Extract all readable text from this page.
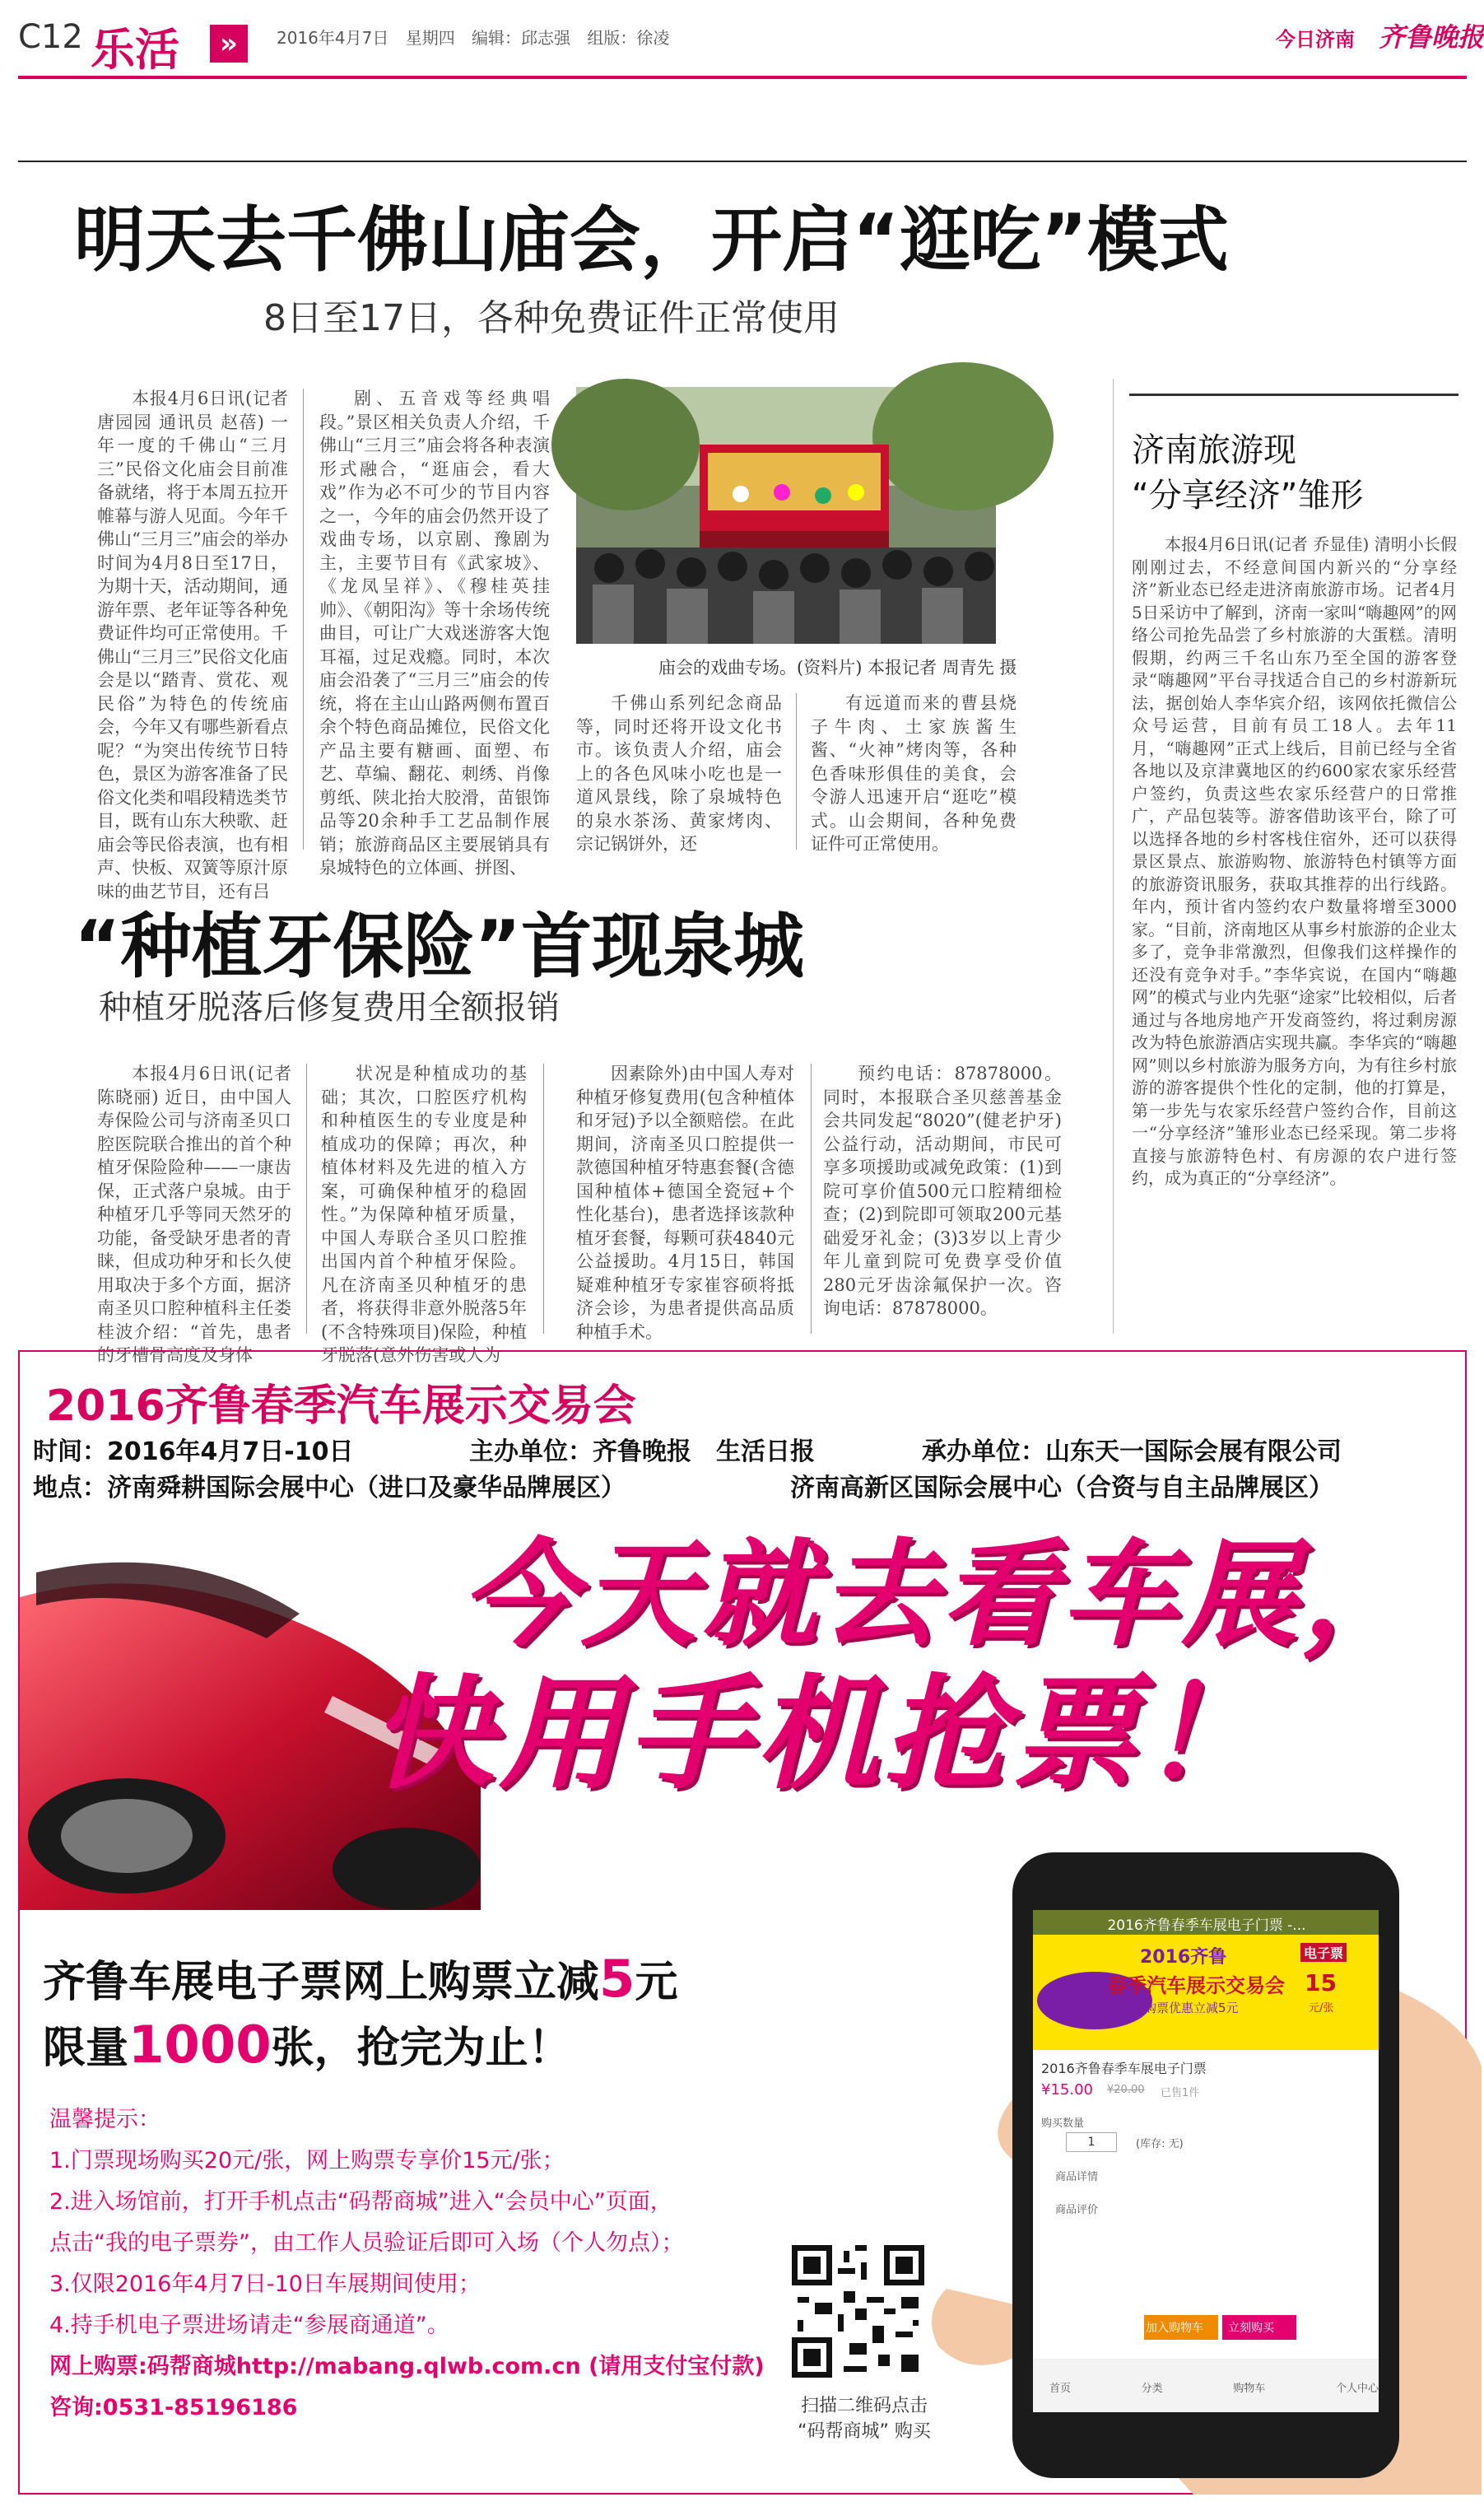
C12 乐活	»	2016年4月7日 星期四 编辑：邱志强 组版：徐凌	今日济南 齐鲁晚报
明天去千佛山庙会，开启“逛吃”模式
8日至17日，各种免费证件正常使用

本报4月6日讯(记者 唐园园 通讯员 赵蓓) 一年一度的千佛山“三月三”民俗文化庙会目前准备就绪，将于本周五拉开帷幕与游人见面。今年千佛山“三月三”庙会的举办时间为4月8日至17日，为期十天，活动期间，通游年票、老年证等各种免费证件均可正常使用。千佛山“三月三”民俗文化庙会是以“踏青、赏花、观民俗”为特色的传统庙会，今年又有哪些新看点呢？“为突出传统节日特色，景区为游客准备了民俗文化类和唱段精选类节目，既有山东大秧歌、赶庙会等民俗表演，也有相声、快板、双簧等原汁原味的曲艺节目，还有吕

剧、五音戏等经典唱段。”景区相关负责人介绍，千佛山“三月三”庙会将各种表演形式融合，“逛庙会，看大戏”作为必不可少的节目内容之一，今年的庙会仍然开设了戏曲专场，以京剧、豫剧为主，主要节目有《武家坡》、《龙凤呈祥》、《穆桂英挂帅》、《朝阳沟》等十余场传统曲目，可让广大戏迷游客大饱耳福，过足戏瘾。同时，本次庙会沿袭了“三月三”庙会的传统，将在主山山路两侧布置百余个特色商品摊位，民俗文化产品主要有糖画、面塑、布艺、草编、翻花、刺绣、肖像剪纸、陕北抬大胶滑，苗银饰品等20余种手工艺品制作展销；旅游商品区主要展销具有泉城特色的立体画、拼图、

庙会的戏曲专场。(资料片) 本报记者 周青先 摄

千佛山系列纪念商品等，同时还将开设文化书市。该负责人介绍，庙会上的各色风味小吃也是一道风景线，除了泉城特色的泉水茶汤、黄家烤肉、宗记锅饼外，还

有远道而来的曹县烧子牛肉、土家族酱生酱、“火神”烤肉等，各种色香味形俱佳的美食，会令游人迅速开启“逛吃”模式。山会期间，各种免费证件可正常使用。

“种植牙保险”首现泉城
种植牙脱落后修复费用全额报销

本报4月6日讯(记者 陈晓丽) 近日，由中国人寿保险公司与济南圣贝口腔医院联合推出的首个种植牙保险险种——一康齿保，正式落户泉城。由于种植牙几乎等同天然牙的功能，备受缺牙患者的青睐，但成功种牙和长久使用取决于多个方面，据济南圣贝口腔种植科主任娄桂波介绍：“首先，患者的牙槽骨高度及身体

状况是种植成功的基础；其次，口腔医疗机构和种植医生的专业度是种植成功的保障；再次，种植体材料及先进的植入方案，可确保种植牙的稳固性。”为保障种植牙质量，中国人寿联合圣贝口腔推出国内首个种植牙保险。凡在济南圣贝种植牙的患者，将获得非意外脱落5年(不含特殊项目)保险，种植牙脱落(意外伤害或人为

因素除外)由中国人寿对种植牙修复费用(包含种植体和牙冠)予以全额赔偿。在此期间，济南圣贝口腔提供一款德国种植牙特惠套餐(含德国种植体+德国全瓷冠+个性化基台)，患者选择该款种植牙套餐，每颗可获4840元公益援助。4月15日，韩国疑难种植牙专家崔容硕将抵济会诊，为患者提供高品质种植手术。

预约电话：87878000。同时，本报联合圣贝慈善基金会共同发起“8020”(健老护牙)公益行动，活动期间，市民可享多项援助或减免政策：(1)到院可享价值500元口腔精细检查；(2)到院即可领取200元基础爱牙礼金；(3)3岁以上青少年儿童到院可免费享受价值280元牙齿涂氟保护一次。咨询电话：87878000。

济南旅游现
“分享经济”雏形

本报4月6日讯(记者 乔显佳) 清明小长假刚刚过去，不经意间国内新兴的“分享经济”新业态已经走进济南旅游市场。记者4月5日采访中了解到，济南一家叫“嗨趣网”的网络公司抢先品尝了乡村旅游的大蛋糕。清明假期，约两三千名山东乃至全国的游客登录“嗨趣网”平台寻找适合自己的乡村游新玩法，据创始人李华宾介绍，该网依托微信公众号运营，目前有员工18人。去年11月，“嗨趣网”正式上线后，目前已经与全省各地以及京津冀地区的约600家农家乐经营户签约，负责这些农家乐经营户的日常推广，产品包装等。游客借助该平台，除了可以选择各地的乡村客栈住宿外，还可以获得景区景点、旅游购物、旅游特色村镇等方面的旅游资讯服务，获取其推荐的出行线路。年内，预计省内签约农户数量将增至3000家。“目前，济南地区从事乡村旅游的企业太多了，竞争非常激烈，但像我们这样操作的还没有竞争对手。”李华宾说，在国内“嗨趣网”的模式与业内先驱“途家”比较相似，后者通过与各地房地产开发商签约，将过剩房源改为特色旅游酒店实现共赢。李华宾的“嗨趣网”则以乡村旅游为服务方向，为有往乡村旅游的游客提供个性化的定制，他的打算是，第一步先与农家乐经营户签约合作，目前这一“分享经济”雏形业态已经采现。第二步将直接与旅游特色村、有房源的农户进行签约，成为真正的“分享经济”。

2016齐鲁春季汽车展示交易会
时间：2016年4月7日-10日	主办单位：齐鲁晚报　生活日报	承办单位：山东天一国际会展有限公司
地点：济南舜耕国际会展中心（进口及豪华品牌展区）	济南高新区国际会展中心（合资与自主品牌展区）
今天就去看车展，
快用手机抢票！
齐鲁车展电子票网上购票立减5元
限量1000张，抢完为止！
温馨提示：
1.门票现场购买20元/张，网上购票专享价15元/张；
2.进入场馆前，打开手机点击“码帮商城”进入“会员中心”页面，
点击“我的电子票券”，由工作人员验证后即可入场（个人勿点）；
3.仅限2016年4月7日-10日车展期间使用；
4.持手机电子票进场请走“参展商通道”。
网上购票:码帮商城http://mabang.qlwb.com.cn (请用支付宝付款)
咨询:0531-85196186	扫描二维码点击
“码帮商城” 购买
2016齐鲁春季车展电子门票 -...
2016齐鲁
春季汽车展示交易会
网上购票优惠立减5元
电子票
15
元/张
2016齐鲁春季车展电子门票
¥15.00 ¥20.00 已售1件
购买数量
1	(库存: 无)
商品详情
商品评价
加入购物车 立刻购买
首页	分类	购物车	个人中心
